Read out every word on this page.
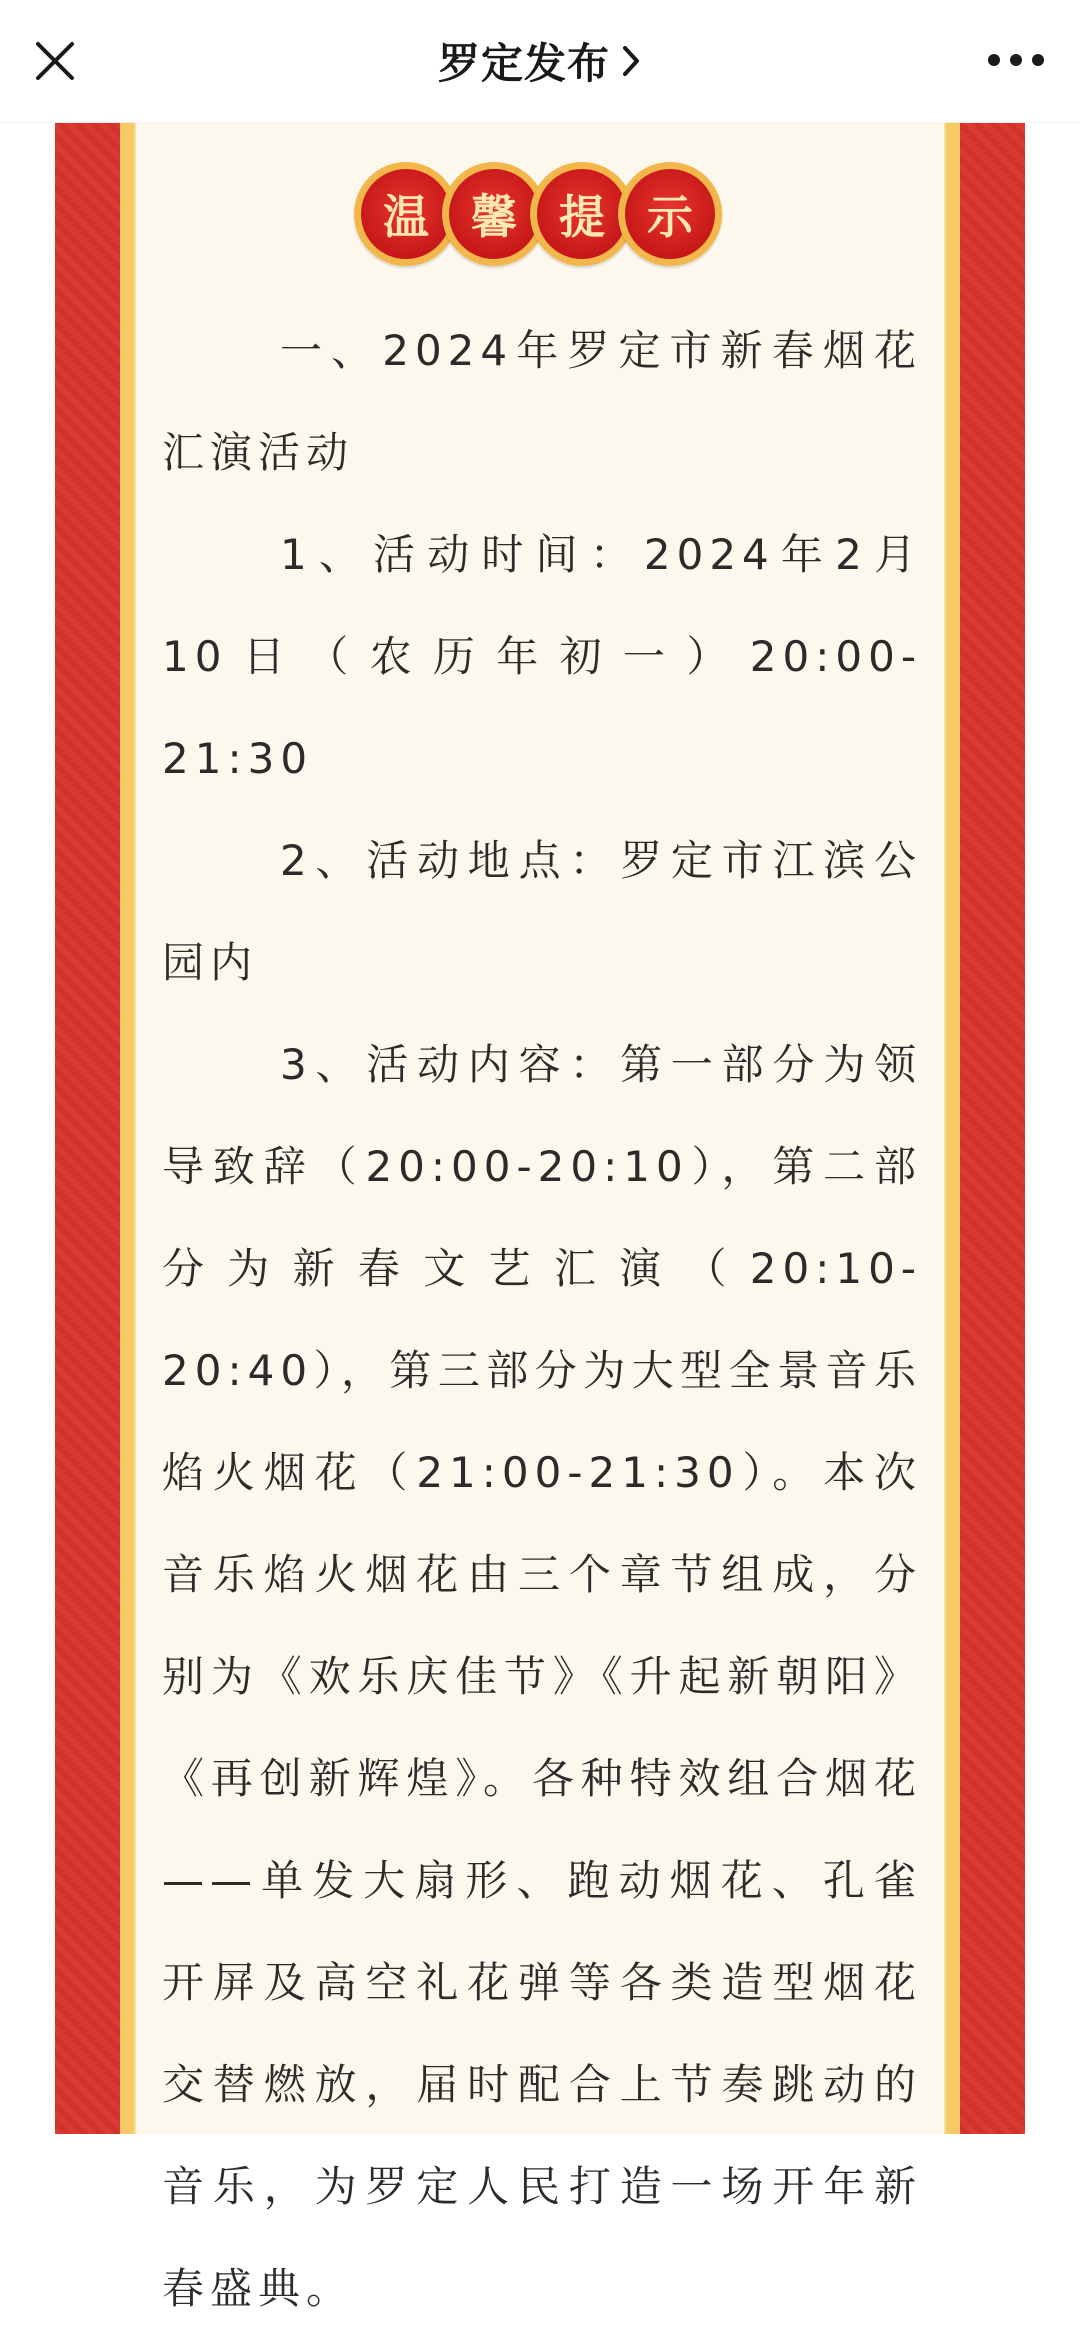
罗定发布
温 馨 提 示

一、2024年罗定市新春烟花汇演活动

1、活动时间：2024年2月10日（农历年初一）20:00-21:30

2、活动地点：罗定市江滨公园内

3、活动内容：第一部分为领导致辞（20:00-20:10），第二部分为新春文艺汇演（20:10-20:40），第三部分为大型全景音乐焰火烟花（21:00-21:30）。本次音乐焰火烟花由三个章节组成，分别为《欢乐庆佳节》《升起新朝阳》《再创新辉煌》。各种特效组合烟花——单发大扇形、跑动烟花、孔雀开屏及高空礼花弹等各类造型烟花交替燃放，届时配合上节奏跳动的音乐，为罗定人民打造一场开年新春盛典。
